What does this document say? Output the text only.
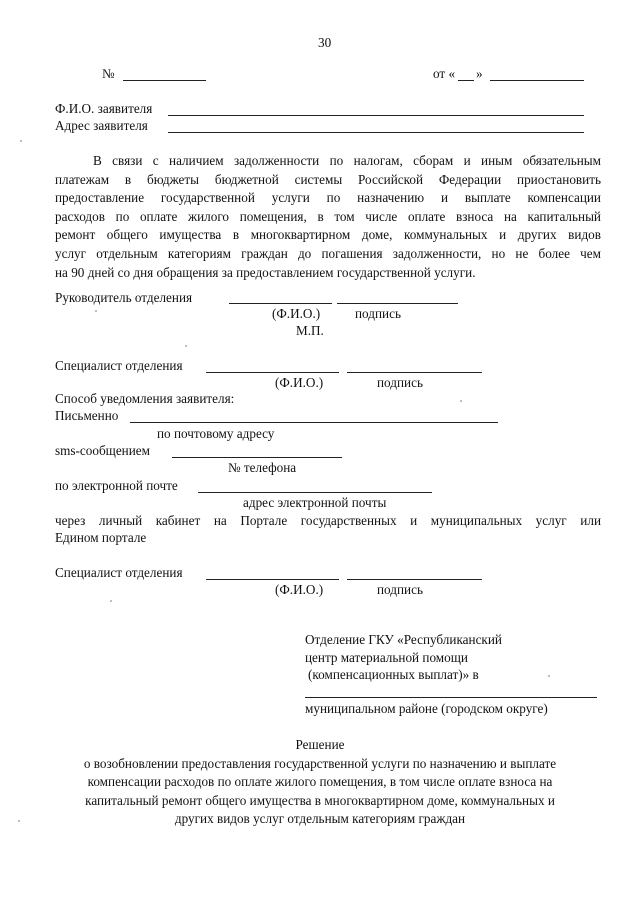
30
№	от « »
Ф.И.О. заявителя
Адрес заявителя
В связи с наличием задолженности по налогам, сборам и иным обязательным
платежам в бюджеты бюджетной системы Российской Федерации приостановить
предоставление государственной услуги по назначению и выплате компенсации
расходов по оплате жилого помещения, в том числе оплате взноса на капитальный
ремонт общего имущества в многоквартирном доме, коммунальных и других видов
услуг отдельным категориям граждан до погашения задолженности, но не более чем
на 90 дней со дня обращения за предоставлением государственной услуги.
Руководитель отделения
(Ф.И.О.)	подпись
М.П.
Специалист отделения
(Ф.И.О.)	подпись
Способ уведомления заявителя:
Письменно
по почтовому адресу
sms-сообщением
№ телефона
по электронной почте
адрес электронной почты
через личный кабинет на Портале государственных и муниципальных услуг или
Едином портале
Специалист отделения
(Ф.И.О.)	подпись
Отделение ГКУ «Республиканский
центр материальной помощи
(компенсационных выплат)» в
муниципальном районе (городском округе)
Решение
о возобновлении предоставления государственной услуги по назначению и выплате
компенсации расходов по оплате жилого помещения, в том числе оплате взноса на
капитальный ремонт общего имущества в многоквартирном доме, коммунальных и
других видов услуг отдельным категориям граждан
